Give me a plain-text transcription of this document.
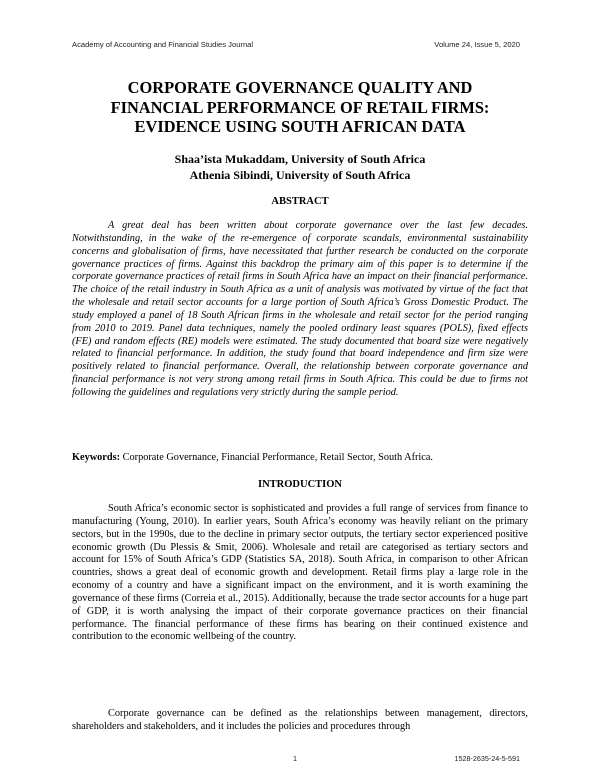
Academy of Accounting and Financial Studies Journal	Volume 24, Issue 5, 2020
CORPORATE GOVERNANCE QUALITY AND
FINANCIAL PERFORMANCE OF RETAIL FIRMS:
EVIDENCE USING SOUTH AFRICAN DATA
Shaa’ista Mukaddam, University of South Africa
Athenia Sibindi, University of South Africa
ABSTRACT

A great deal has been written about corporate governance over the last few decades. Notwithstanding, in the wake of the re-emergence of corporate scandals, environmental sustainability concerns and globalisation of firms, have necessitated that further research be conducted on the corporate governance practices of firms. Against this backdrop the primary aim of this paper is to determine if the corporate governance practices of retail firms in South Africa have an impact on their financial performance. The choice of the retail industry in South Africa as a unit of analysis was motivated by virtue of the fact that the wholesale and retail sector accounts for a large portion of South Africa’s Gross Domestic Product. The study employed a panel of 18 South African firms in the wholesale and retail sector for the period ranging from 2010 to 2019. Panel data techniques, namely the pooled ordinary least squares (POLS), fixed effects (FE) and random effects (RE) models were estimated. The study documented that board size were negatively related to financial performance. In addition, the study found that board independence and firm size were positively related to financial performance. Overall, the relationship between corporate governance and financial performance is not very strong among retail firms in South Africa. This could be due to firms not following the guidelines and regulations very strictly during the sample period.

Keywords: Corporate Governance, Financial Performance, Retail Sector, South Africa.

INTRODUCTION

South Africa’s economic sector is sophisticated and provides a full range of services from finance to manufacturing (Young, 2010). In earlier years, South Africa’s economy was heavily reliant on the primary sectors, but in the 1990s, due to the decline in primary sector outputs, the tertiary sector experienced positive economic growth (Du Plessis & Smit, 2006). Wholesale and retail are categorised as tertiary sectors and account for 15% of South Africa’s GDP (Statistics SA, 2018). South Africa, in comparison to other African countries, shows a great deal of economic growth and development. Retail firms play a large role in the economy of a country and have a significant impact on the environment, and it is worth examining the governance of these firms (Correia et al., 2015). Additionally, because the trade sector accounts for a huge part of GDP, it is worth analysing the impact of their corporate governance practices on their financial performance. The financial performance of these firms has bearing on their continued existence and contribution to the economic wellbeing of the country.

Corporate governance can be defined as the relationships between management, directors, shareholders and stakeholders, and it includes the policies and procedures through

1	1528-2635-24-5-591
